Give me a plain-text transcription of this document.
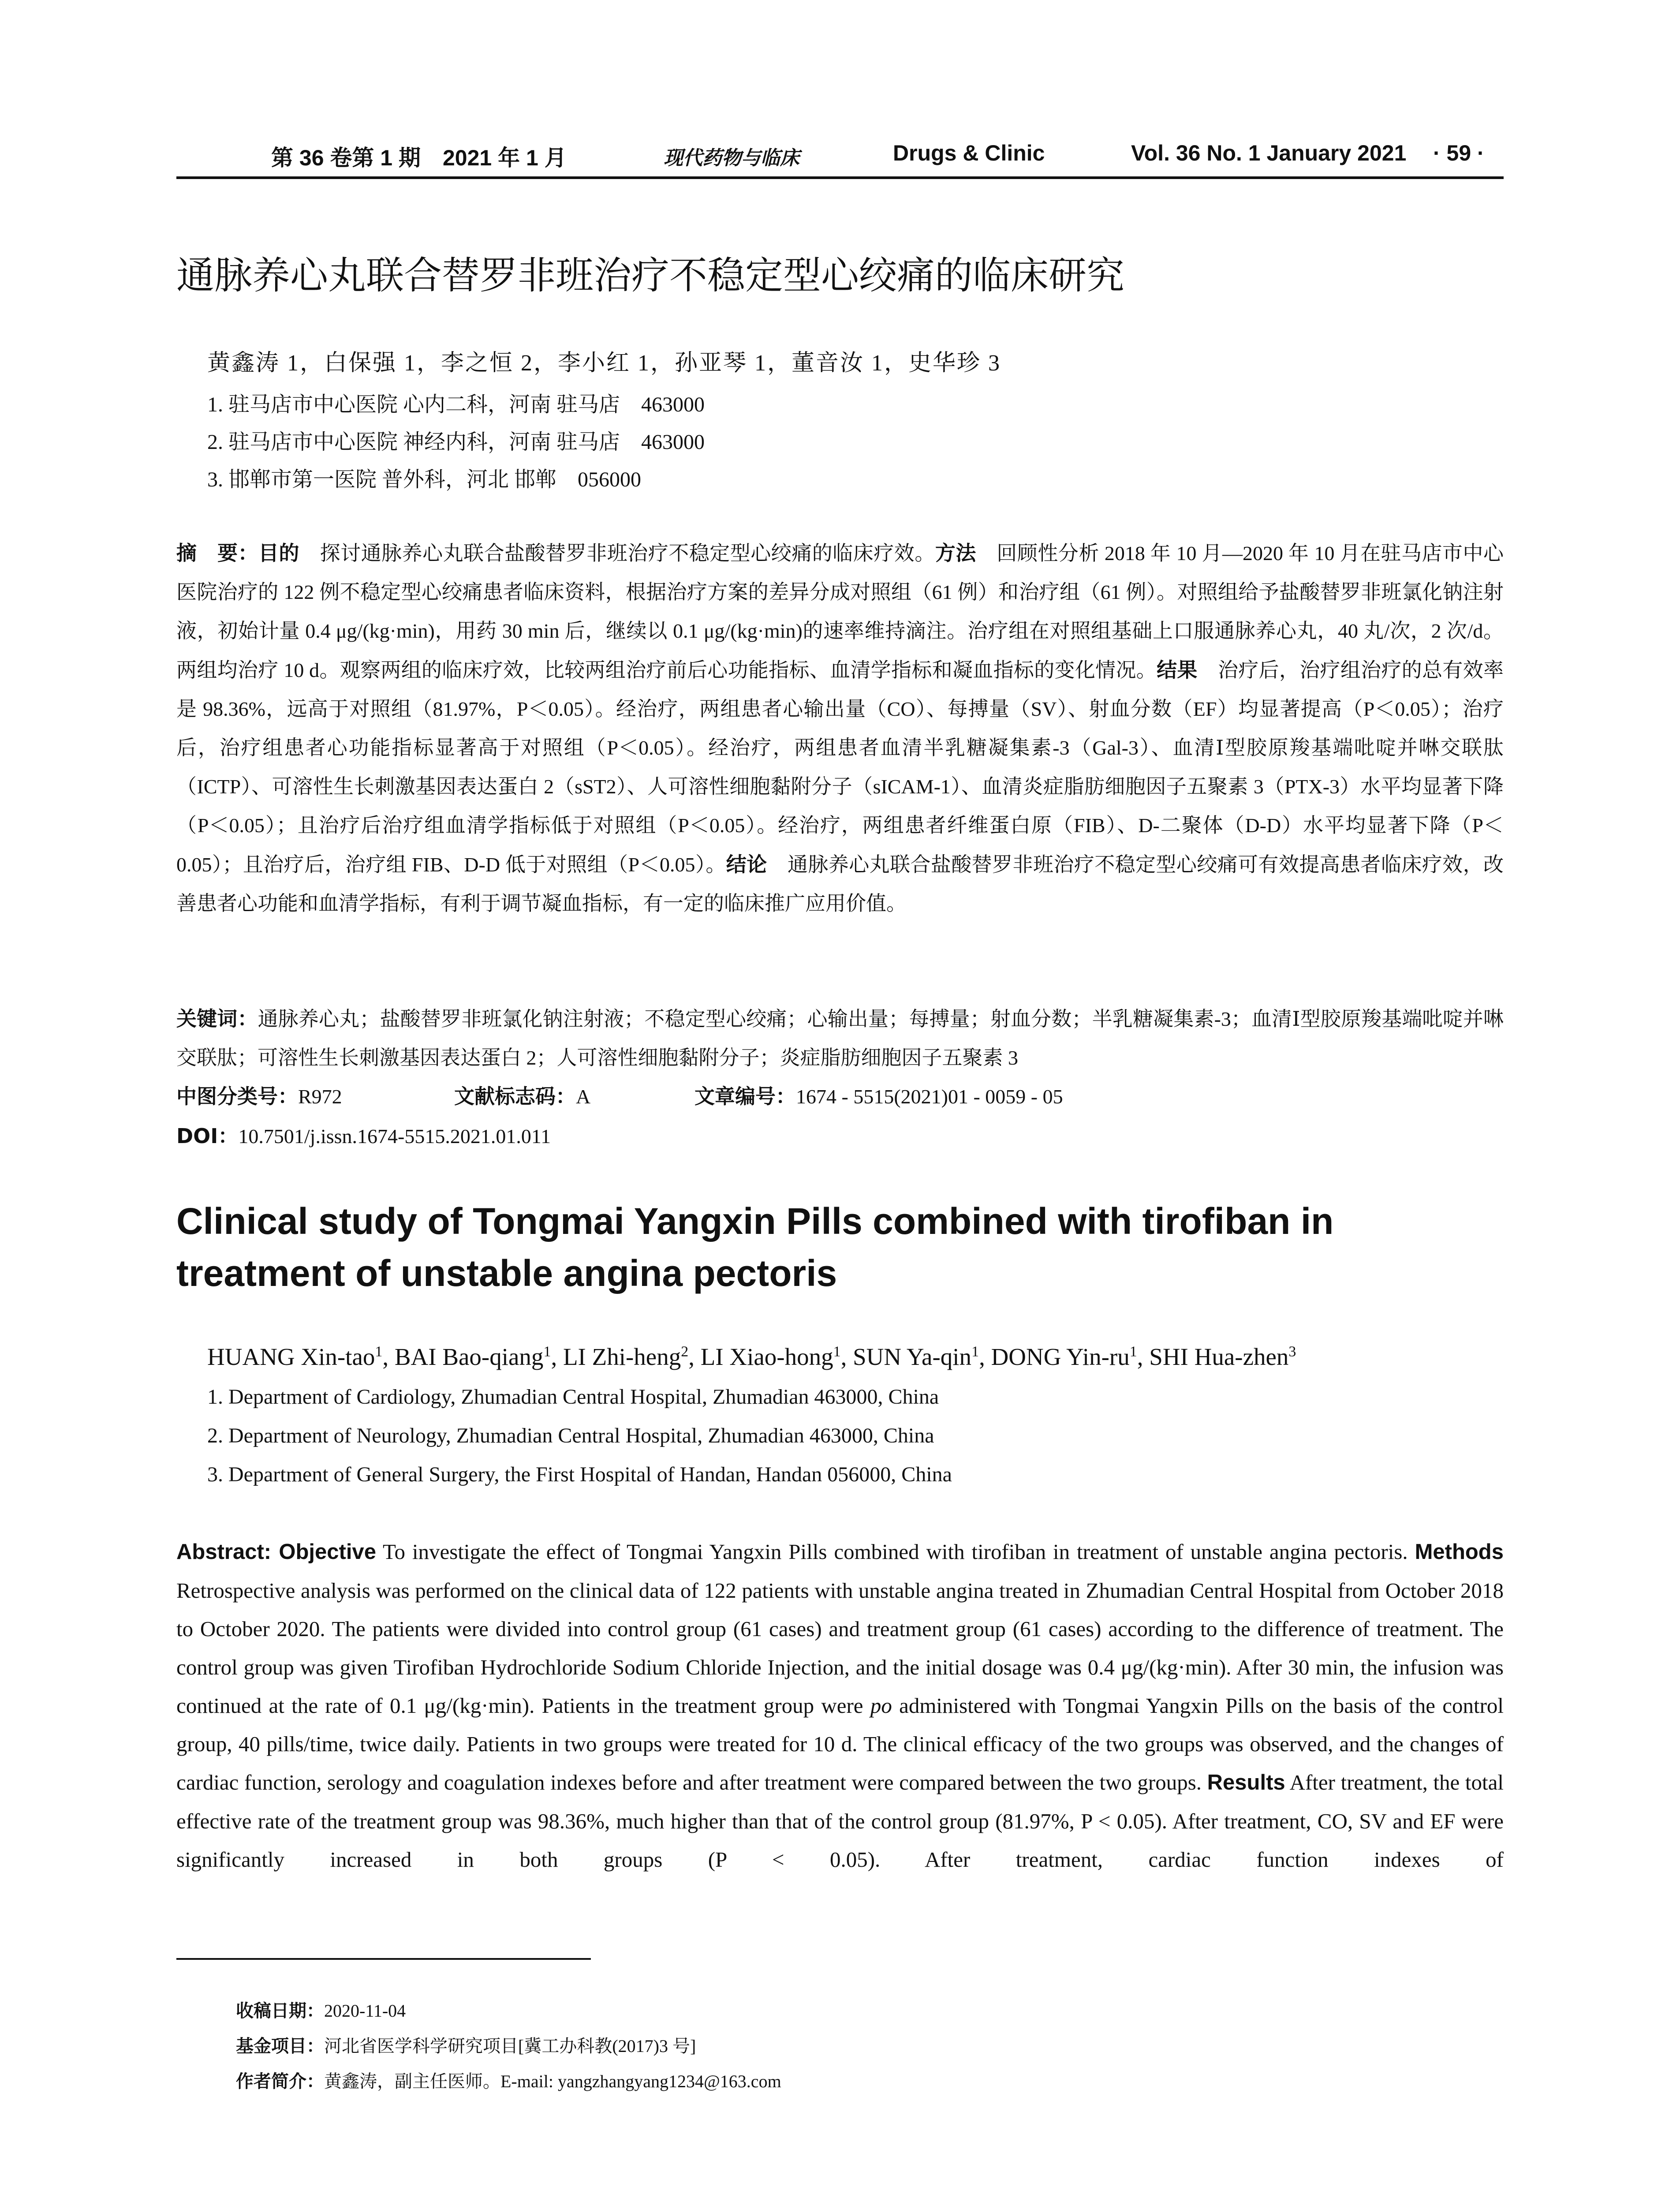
第 36 卷第 1 期　2021 年 1 月	现代药物与临床	Drugs & Clinic	Vol. 36 No. 1 January 2021 · 59 ·
通脉养心丸联合替罗非班治疗不稳定型心绞痛的临床研究
黄鑫涛 1，白保强 1，李之恒 2，李小红 1，孙亚琴 1，董音汝 1，史华珍 3
1. 驻马店市中心医院 心内二科，河南 驻马店　463000
2. 驻马店市中心医院 神经内科，河南 驻马店　463000
3. 邯郸市第一医院 普外科，河北 邯郸　056000
摘　要：目的　探讨通脉养心丸联合盐酸替罗非班治疗不稳定型心绞痛的临床疗效。方法　回顾性分析 2018 年 10 月—2020 年 10 月在驻马店市中心医院治疗的 122 例不稳定型心绞痛患者临床资料，根据治疗方案的差异分成对照组（61 例）和治疗组（61 例）。对照组给予盐酸替罗非班氯化钠注射液，初始计量 0.4 μg/(kg·min)，用药 30 min 后，继续以 0.1 μg/(kg·min)的速率维持滴注。治疗组在对照组基础上口服通脉养心丸，40 丸/次，2 次/d。两组均治疗 10 d。观察两组的临床疗效，比较两组治疗前后心功能指标、血清学指标和凝血指标的变化情况。结果　治疗后，治疗组治疗的总有效率是 98.36%，远高于对照组（81.97%，P＜0.05）。经治疗，两组患者心输出量（CO）、每搏量（SV）、射血分数（EF）均显著提高（P＜0.05）；治疗后，治疗组患者心功能指标显著高于对照组（P＜0.05）。经治疗，两组患者血清半乳糖凝集素-3（Gal-3）、血清Ⅰ型胶原羧基端吡啶并啉交联肽（ICTP）、可溶性生长刺激基因表达蛋白 2（sST2）、人可溶性细胞黏附分子（sICAM-1）、血清炎症脂肪细胞因子五聚素 3（PTX-3）水平均显著下降（P＜0.05）；且治疗后治疗组血清学指标低于对照组（P＜0.05）。经治疗，两组患者纤维蛋白原（FIB）、D-二聚体（D-D）水平均显著下降（P＜0.05）；且治疗后，治疗组 FIB、D-D 低于对照组（P＜0.05）。结论　通脉养心丸联合盐酸替罗非班治疗不稳定型心绞痛可有效提高患者临床疗效，改善患者心功能和血清学指标，有利于调节凝血指标，有一定的临床推广应用价值。
关键词：通脉养心丸；盐酸替罗非班氯化钠注射液；不稳定型心绞痛；心输出量；每搏量；射血分数；半乳糖凝集素-3；血清Ⅰ型胶原羧基端吡啶并啉交联肽；可溶性生长刺激基因表达蛋白 2；人可溶性细胞黏附分子；炎症脂肪细胞因子五聚素 3
中图分类号：R972	文献标志码：A	文章编号：1674 - 5515(2021)01 - 0059 - 05
DOI：10.7501/j.issn.1674-5515.2021.01.011
Clinical study of Tongmai Yangxin Pills combined with tirofiban in treatment of unstable angina pectoris
HUANG Xin-tao$^1$, BAI Bao-qiang$^1$, LI Zhi-heng$^2$, LI Xiao-hong$^1$, SUN Ya-qin$^1$, DONG Yin-$ru^1$, SHI Hua-zhen$^3$
1. Department of Cardiology, Zhumadian Central Hospital, Zhumadian 463000, China
2. Department of Neurology, Zhumadian Central Hospital, Zhumadian 463000, China
3. Department of General Surgery, the First Hospital of Handan, Handan 056000, China
Abstract: Objective To investigate the effect of Tongmai Yangxin Pills combined with tirofiban in treatment of unstable angina pectoris. Methods Retrospective analysis was performed on the clinical data of 122 patients with unstable angina treated in Zhumadian Central Hospital from October 2018 to October 2020. The patients were divided into control group (61 cases) and treatment group (61 cases) according to the difference of treatment. The control group was given Tirofiban Hydrochloride Sodium Chloride Injection, and the initial dosage was 0.4 μg/(kg·min). After 30 min, the infusion was continued at the rate of 0.1 μg/(kg·min). Patients in the treatment group were po administered with Tongmai Yangxin Pills on the basis of the control group, 40 pills/time, twice daily. Patients in two groups were treated for 10 d. The clinical efficacy of the two groups was observed, and the changes of cardiac function, serology and coagulation indexes before and after treatment were compared between the two groups. Results After treatment, the total effective rate of the treatment group was 98.36%, much higher than that of the control group (81.97%, P < 0.05). After treatment, CO, SV and EF were significantly increased in both groups (P < 0.05). After treatment, cardiac function indexes of
收稿日期：2020-11-04
基金项目：河北省医学科学研究项目[冀工办科教(2017)3 号]
作者简介：黄鑫涛，副主任医师。E-mail: yangzhangyang1234@163.com
